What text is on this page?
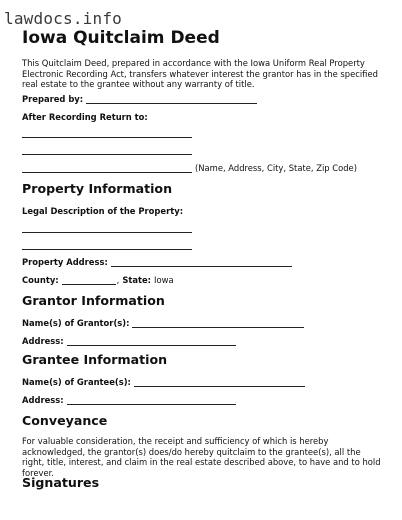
lawdocs.info
Iowa Quitclaim Deed

This Quitclaim Deed, prepared in accordance with the Iowa Uniform Real Property Electronic Recording Act, transfers whatever interest the grantor has in the specified real estate to the grantee without any warranty of title.

Prepared by:
After Recording Return to:
(Name, Address, City, State, Zip Code)
Property Information
Legal Description of the Property:
Property Address:
County:	, State: Iowa
Grantor Information
Name(s) of Grantor(s):
Address:
Grantee Information
Name(s) of Grantee(s):
Address:
Conveyance

For valuable consideration, the receipt and sufficiency of which is hereby acknowledged, the grantor(s) does/do hereby quitclaim to the grantee(s), all the right, title, interest, and claim in the real estate described above, to have and to hold forever.

Signatures
